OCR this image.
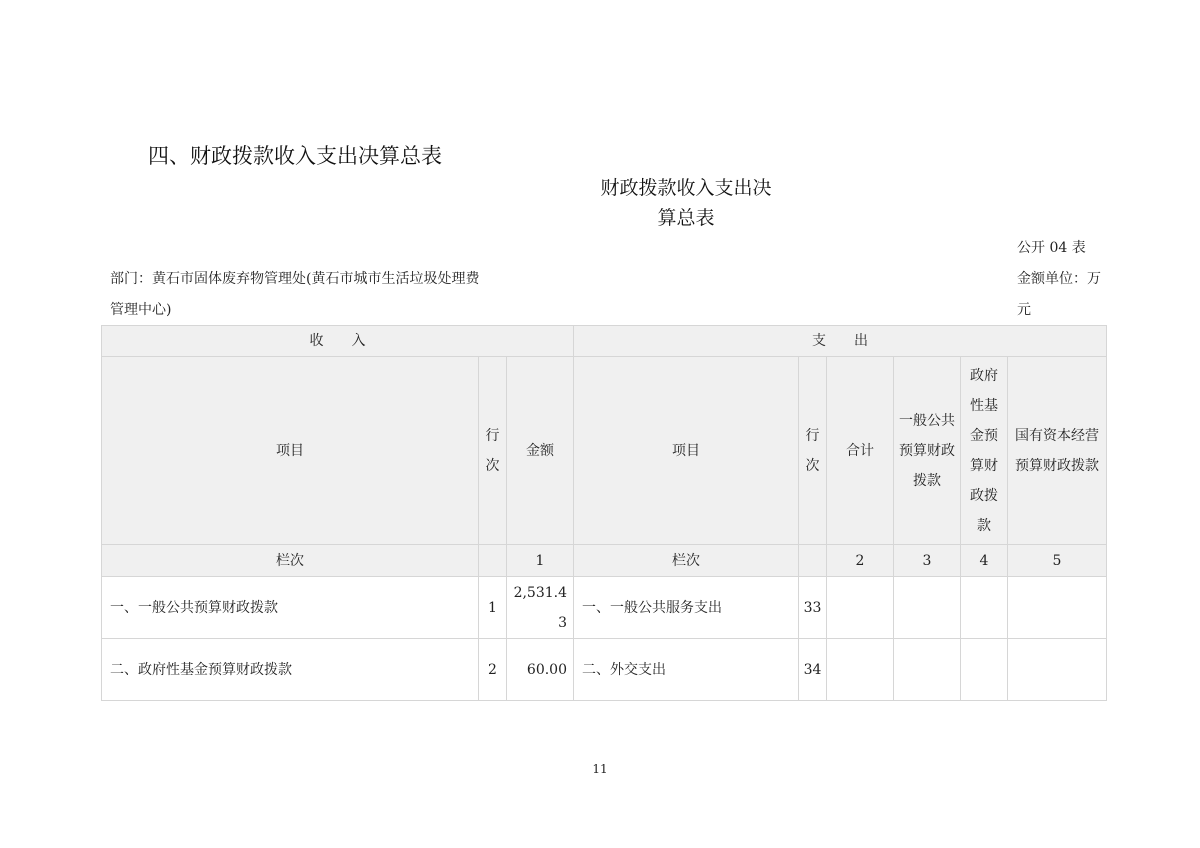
四、财政拨款收入支出决算总表
财政拨款收入支出决
算总表
部门：黄石市固体废弃物管理处(黄石市城市生活垃圾处理费管理中心)
公开 04 表
金额单位：万元
收　　入			支　　出					
项目	行次	金额	项目	行次	合计	一般公共预算财政拨款	政府性基金预算财政拨款	国有资本经营预算财政拨款
栏次		1	栏次		2	3	4	5
一、一般公共预算财政拨款	1	2,531.43	一、一般公共服务支出	33				
二、政府性基金预算财政拨款	2	60.00	二、外交支出	34				
11
